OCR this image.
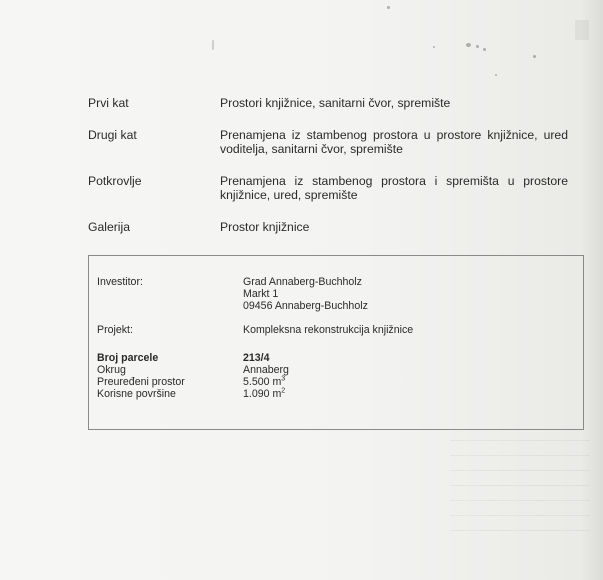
Prvi kat	Prostori knjižnice, sanitarni čvor, spremište
Drugi kat	Prenamjena iz stambenog prostora u prostore knjižnice, ured voditelja, sanitarni čvor, spremište
Potkrovlje	Prenamjena iz stambenog prostora i spremišta u prostore knjižnice, ured, spremište
Galerija	Prostor knjižnice
Investitor:	Grad Annaberg-Buchholz
Markt 1
09456 Annaberg-Buchholz
Projekt:	Kompleksna rekonstrukcija knjižnice
Broj parcele	213/4
Okrug	Annaberg
Preuređeni prostor	5.500 $m^3$
Korisne površine	1.090 $m^2$
